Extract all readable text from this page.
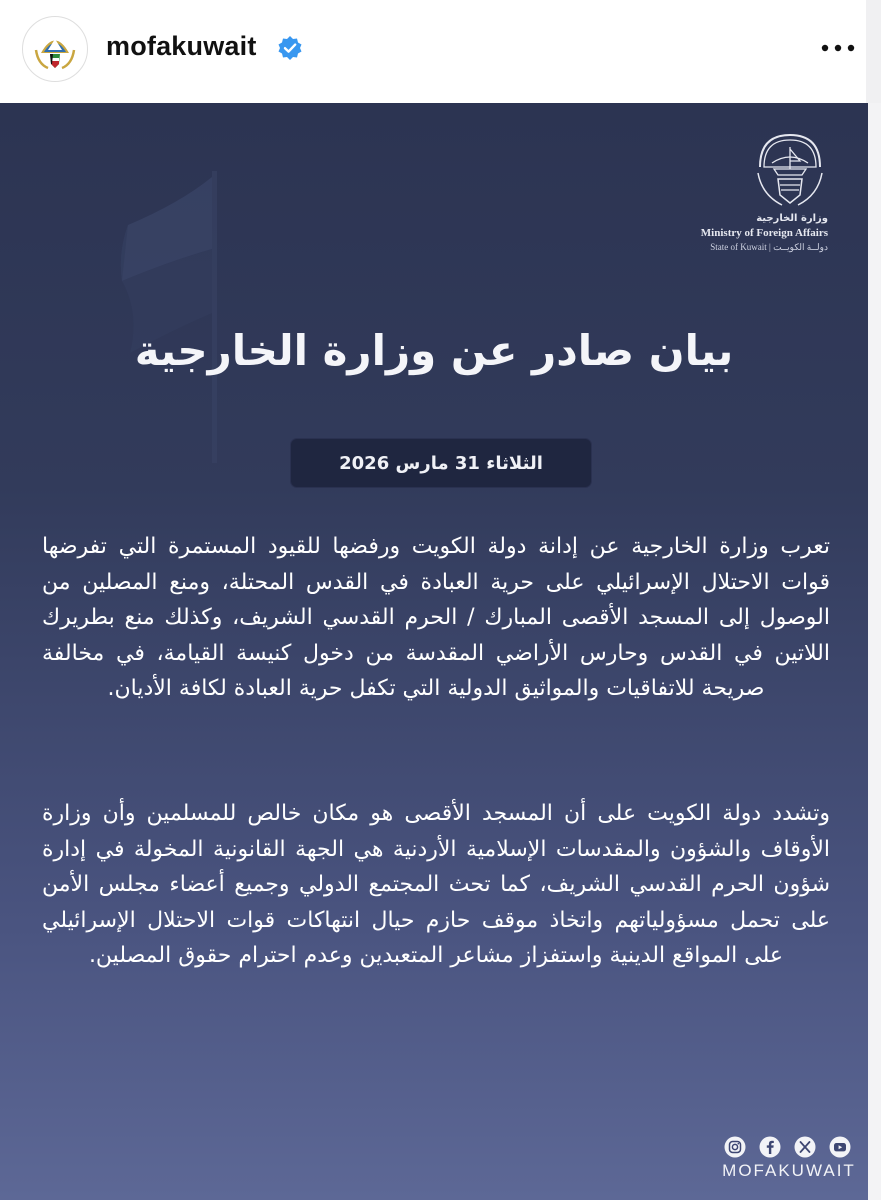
mofakuwait
وزارة الخارجية
Ministry of Foreign Affairs
State of Kuwait | دولــة الكويــت
بيان صادر عن وزارة الخارجية
الثلاثاء 31 مارس 2026
تعرب وزارة الخارجية عن إدانة دولة الكويت ورفضها للقيود المستمرة التي تفرضها قوات الاحتلال الإسرائيلي على حرية العبادة في القدس المحتلة، ومنع المصلين من الوصول إلى المسجد الأقصى المبارك / الحرم القدسي الشريف، وكذلك منع بطريرك اللاتين في القدس وحارس الأراضي المقدسة من دخول كنيسة القيامة، في مخالفة صريحة للاتفاقيات والمواثيق الدولية التي تكفل حرية العبادة لكافة الأديان.
وتشدد دولة الكويت على أن المسجد الأقصى هو مكان خالص للمسلمين وأن وزارة الأوقاف والشؤون والمقدسات الإسلامية الأردنية هي الجهة القانونية المخولة في إدارة شؤون الحرم القدسي الشريف، كما تحث المجتمع الدولي وجميع أعضاء مجلس الأمن على تحمل مسؤولياتهم واتخاذ موقف حازم حيال انتهاكات قوات الاحتلال الإسرائيلي على المواقع الدينية واستفزاز مشاعر المتعبدين وعدم احترام حقوق المصلين.
MOFAKUWAIT
